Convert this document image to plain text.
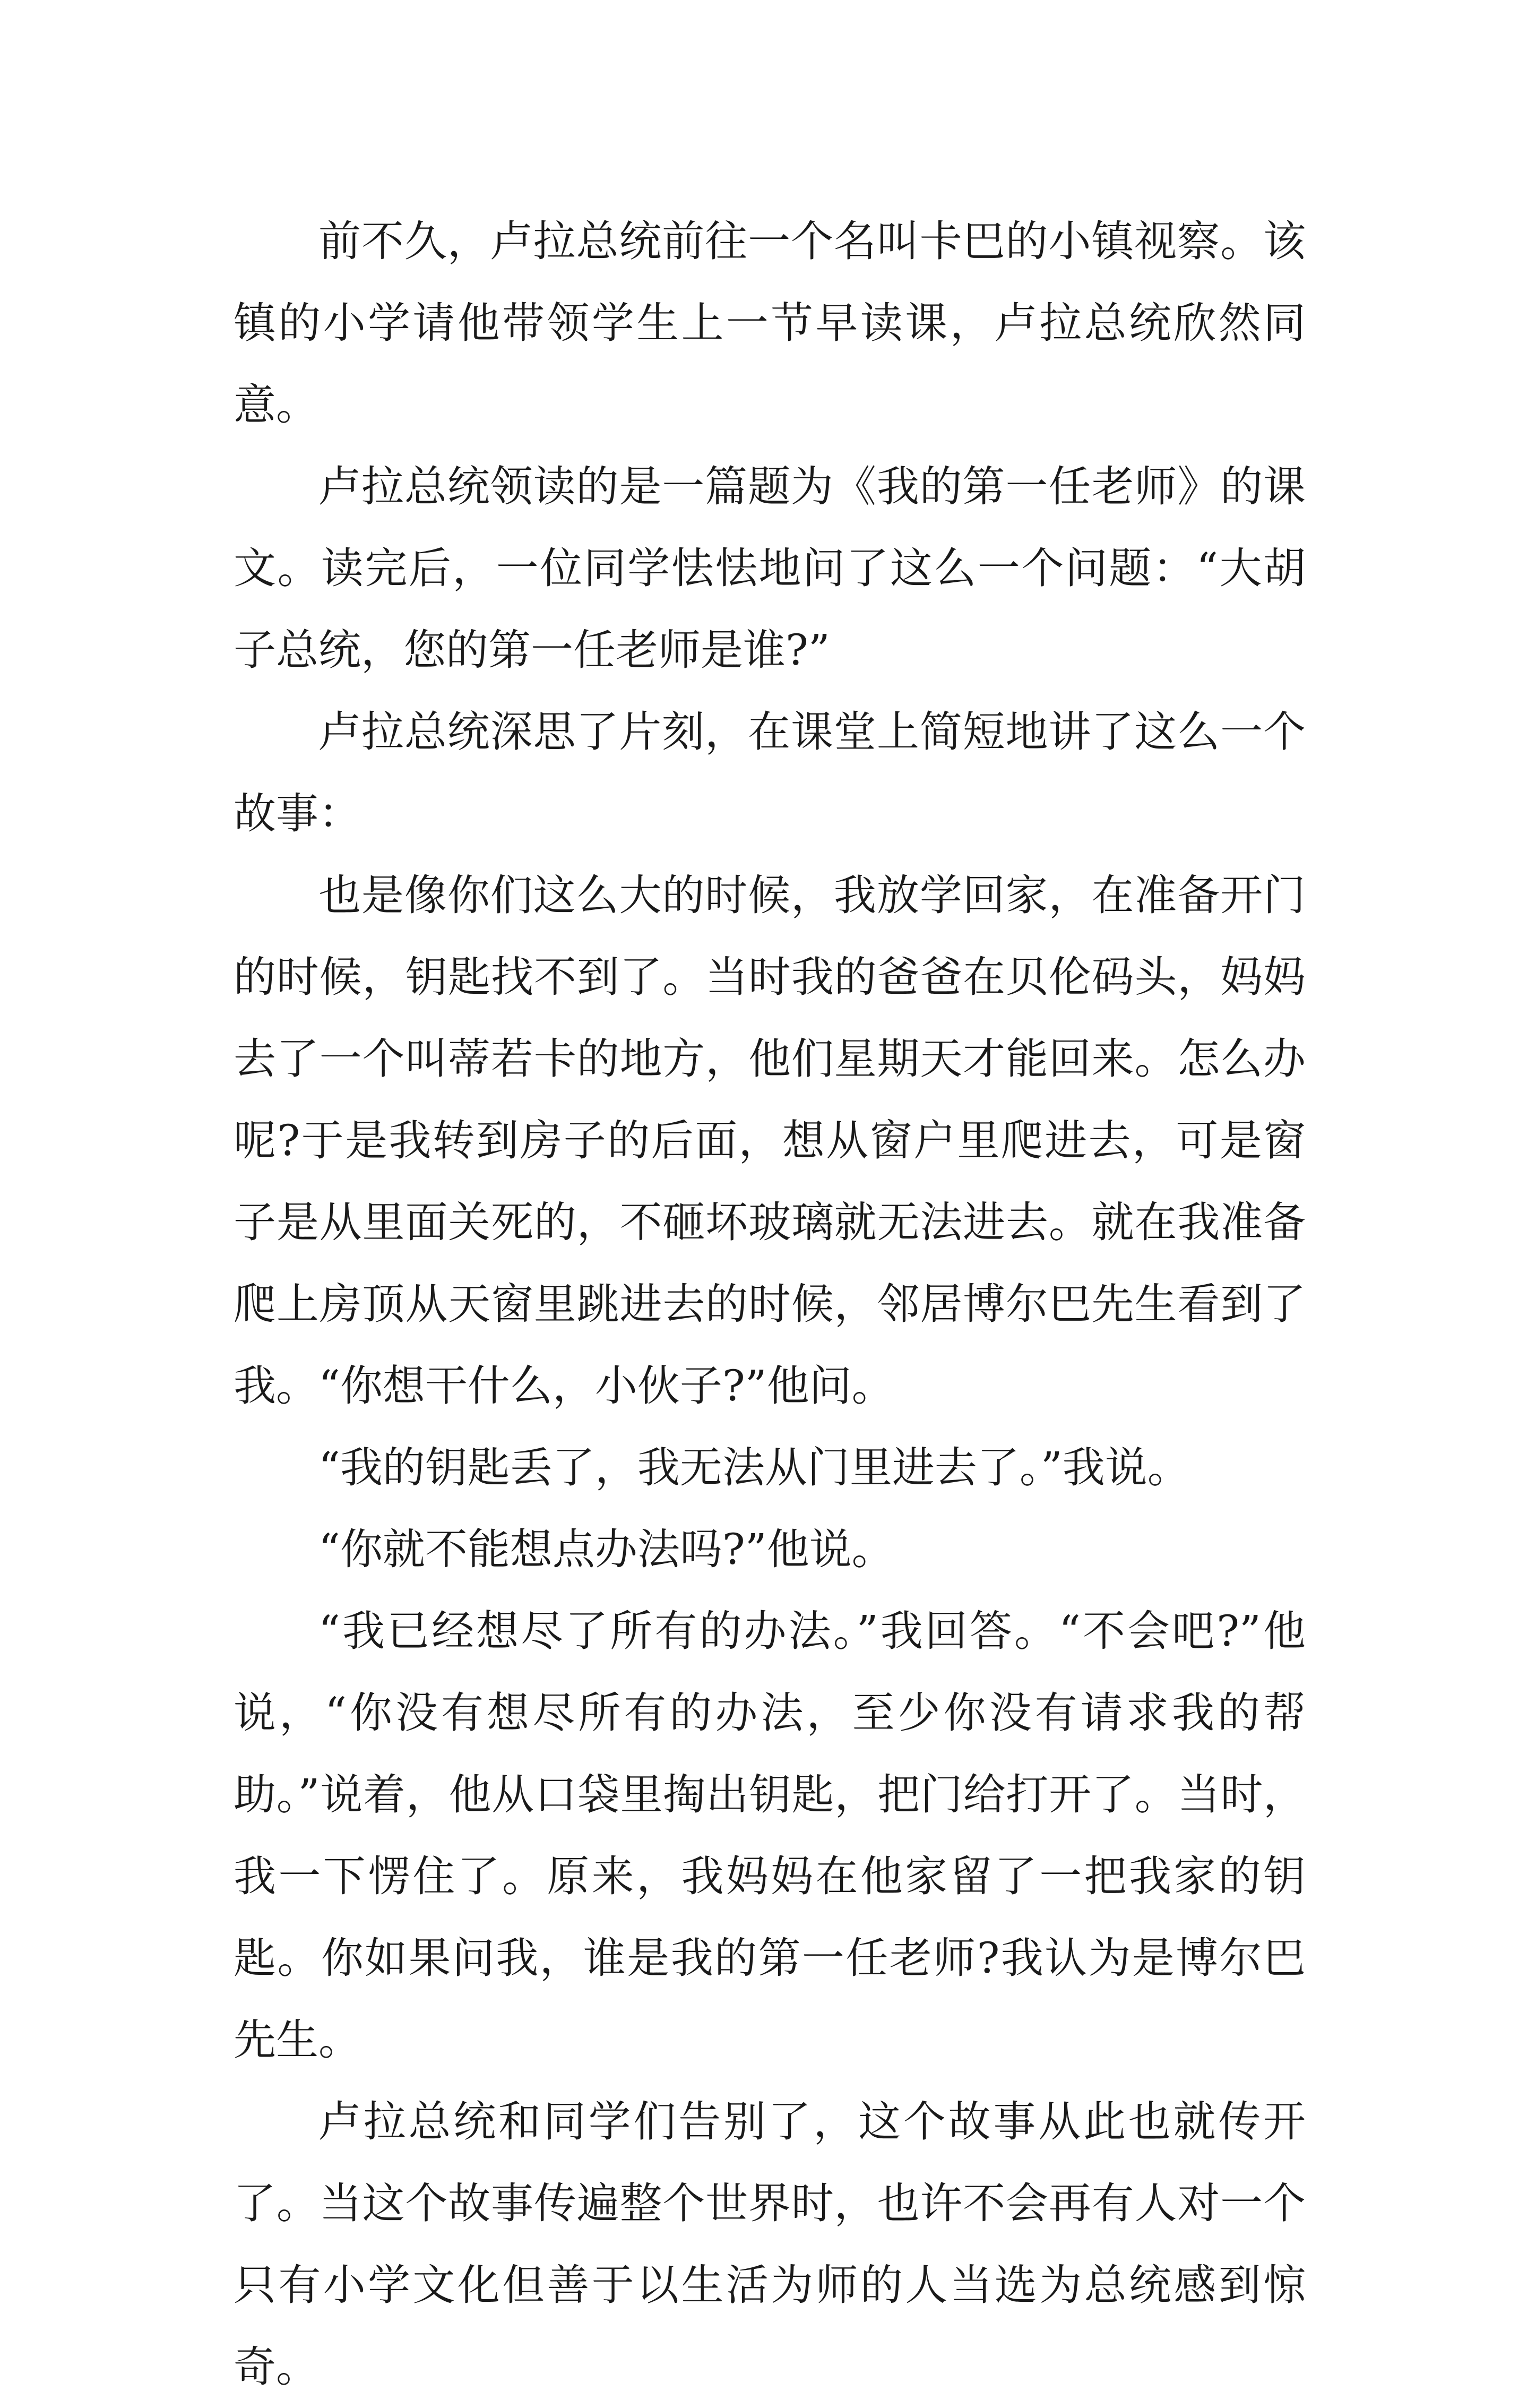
前不久，卢拉总统前往一个名叫卡巴的小镇视察。该镇的小学请他带领学生上一节早读课，卢拉总统欣然同意。

卢拉总统领读的是一篇题为《我的第一任老师》的课文。读完后，一位同学怯怯地问了这么一个问题：“大胡子总统，您的第一任老师是谁?”

卢拉总统深思了片刻，在课堂上简短地讲了这么一个故事：

也是像你们这么大的时候，我放学回家，在准备开门的时候，钥匙找不到了。当时我的爸爸在贝伦码头，妈妈去了一个叫蒂若卡的地方，他们星期天才能回来。怎么办呢?于是我转到房子的后面，想从窗户里爬进去，可是窗子是从里面关死的，不砸坏玻璃就无法进去。就在我准备爬上房顶从天窗里跳进去的时候，邻居博尔巴先生看到了我。“你想干什么，小伙子?”他问。

“我的钥匙丢了，我无法从门里进去了。”我说。

“你就不能想点办法吗?”他说。

“我已经想尽了所有的办法。”我回答。“不会吧?”他说，“你没有想尽所有的办法，至少你没有请求我的帮助。”说着，他从口袋里掏出钥匙，把门给打开了。当时，我一下愣住了。原来，我妈妈在他家留了一把我家的钥匙。你如果问我，谁是我的第一任老师?我认为是博尔巴先生。

卢拉总统和同学们告别了，这个故事从此也就传开了。当这个故事传遍整个世界时，也许不会再有人对一个只有小学文化但善于以生活为师的人当选为总统感到惊奇。
